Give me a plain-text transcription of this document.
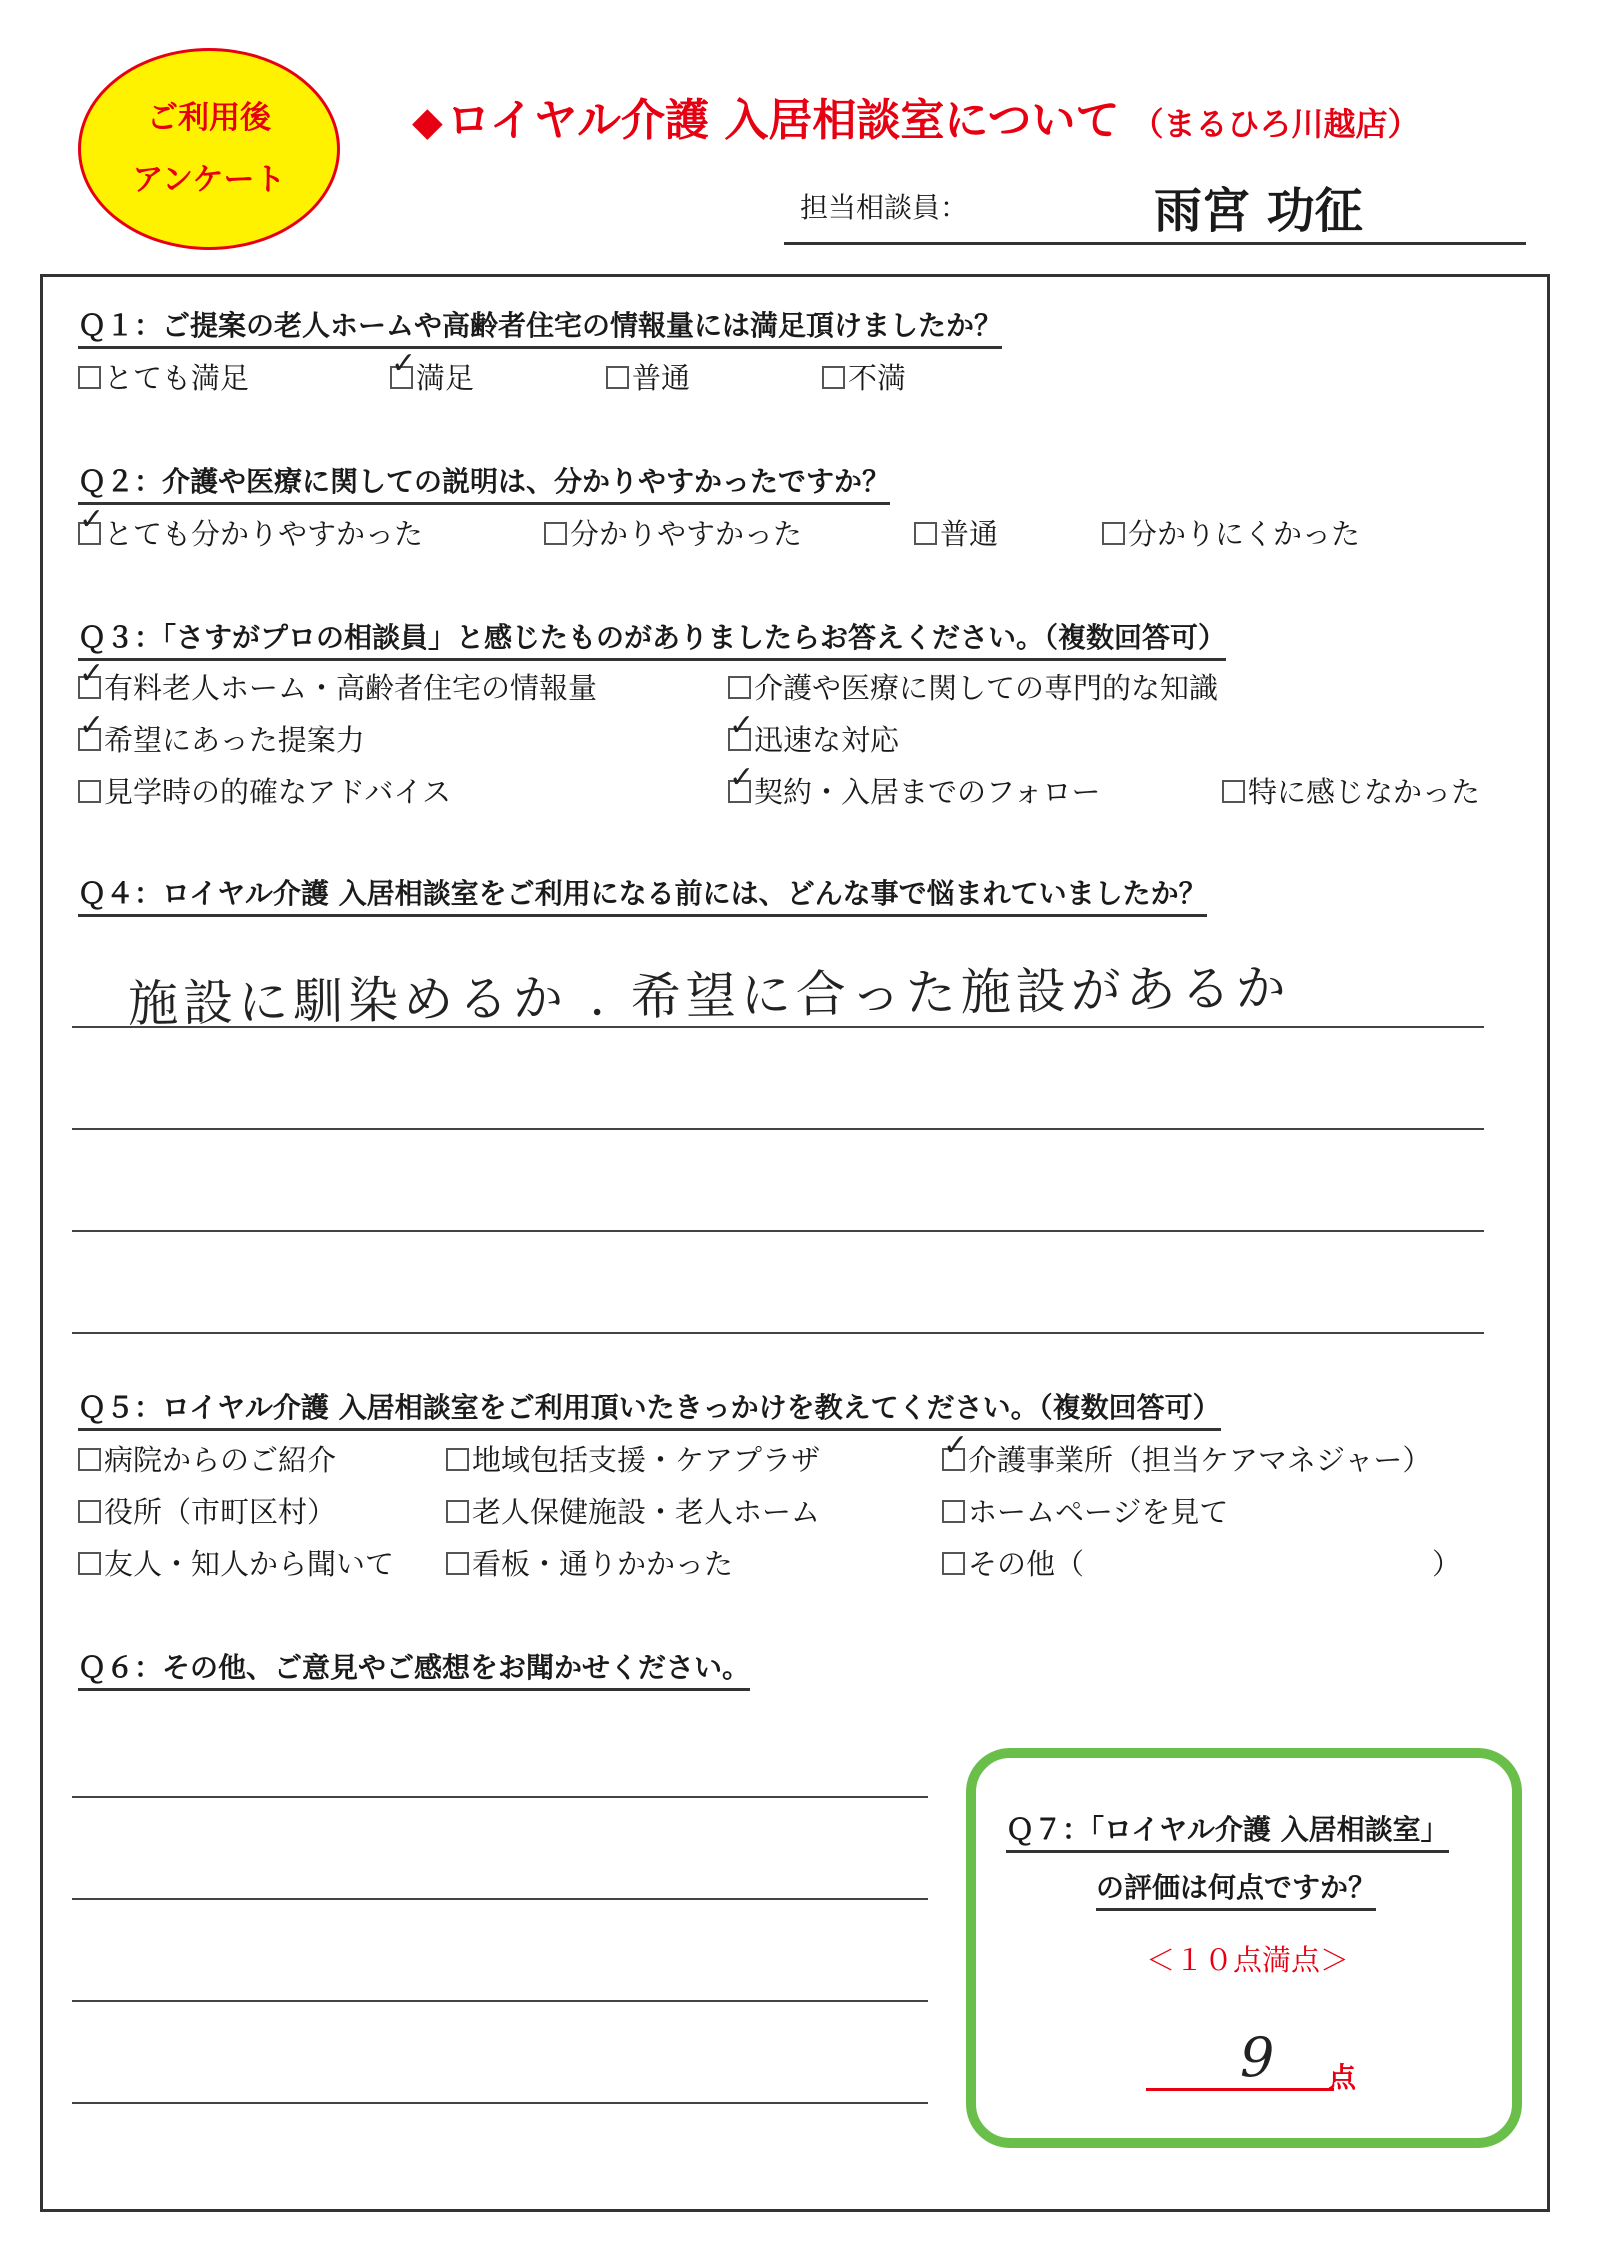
ご利用後
アンケート
◆ロイヤル介護 入居相談室について （まるひろ川越店）
担当相談員：	雨宮 功征
Ｑ１：ご提案の老人ホームや高齢者住宅の情報量には満足頂けましたか？
とても満足 ✓	満足	普通	不満
Ｑ２：介護や医療に関しての説明は、分かりやすかったですか？
✓とても分かりやすかった	分かりやすかった	普通	分かりにくかった
Ｑ３：「さすがプロの相談員」と感じたものがありましたらお答えください。（複数回答可）
✓有料老人ホーム・高齢者住宅の情報量	介護や医療に関しての専門的な知識
✓希望にあった提案力 ✓	迅速な対応
見学時の的確なアドバイス ✓	契約・入居までのフォロー	特に感じなかった
Ｑ４：ロイヤル介護 入居相談室をご利用になる前には、どんな事で悩まれていましたか？
施設に馴染めるか . 希望に合った施設があるか
Ｑ５：ロイヤル介護 入居相談室をご利用頂いたきっかけを教えてください。（複数回答可）
病院からのご紹介	地域包括支援・ケアプラザ ✓	介護事業所（担当ケアマネジャー）
役所（市町区村）	老人保健施設・老人ホーム	ホームページを見て
友人・知人から聞いて	看板・通りかかった	その他（　　　　　　　　　　　　）
Ｑ６：その他、ご意見やご感想をお聞かせください。
Ｑ７：「ロイヤル介護 入居相談室」
の評価は何点ですか？
＜１０点満点＞
9 点
